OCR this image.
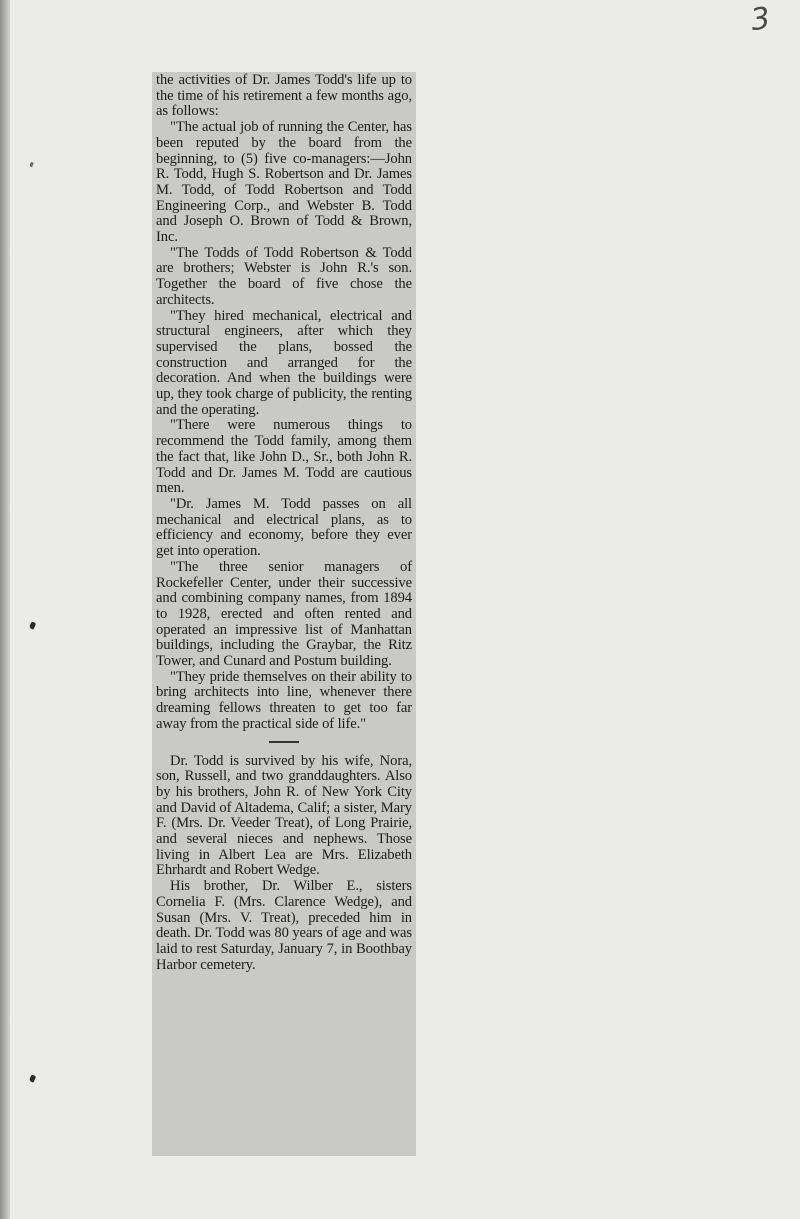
3

the activities of Dr. James Todd's life up to the time of his retirement a few months ago, as follows:

"The actual job of running the Center, has been reputed by the board from the beginning, to (5) five co-managers:—John R. Todd, Hugh S. Robertson and Dr. James M. Todd, of Todd Robertson and Todd Engineering Corp., and Webster B. Todd and Joseph O. Brown of Todd & Brown, Inc.

"The Todds of Todd Robertson & Todd are brothers; Webster is John R.'s son. Together the board of five chose the architects.

"They hired mechanical, electrical and structural engineers, after which they supervised the plans, bossed the construction and arranged for the decoration. And when the buildings were up, they took charge of publicity, the renting and the operating.

"There were numerous things to recommend the Todd family, among them the fact that, like John D., Sr., both John R. Todd and Dr. James M. Todd are cautious men.

"Dr. James M. Todd passes on all mechanical and electrical plans, as to efficiency and economy, before they ever get into operation.

"The three senior managers of Rockefeller Center, under their successive and combining company names, from 1894 to 1928, erected and often rented and operated an impressive list of Manhattan buildings, including the Graybar, the Ritz Tower, and Cunard and Postum building.

"They pride themselves on their ability to bring architects into line, whenever there dreaming fellows threaten to get too far away from the practical side of life."

Dr. Todd is survived by his wife, Nora, son, Russell, and two granddaughters. Also by his brothers, John R. of New York City and David of Altadema, Calif; a sister, Mary F. (Mrs. Dr. Veeder Treat), of Long Prairie, and several nieces and nephews. Those living in Albert Lea are Mrs. Elizabeth Ehrhardt and Robert Wedge.

His brother, Dr. Wilber E., sisters Cornelia F. (Mrs. Clarence Wedge), and Susan (Mrs. V. Treat), preceded him in death. Dr. Todd was 80 years of age and was laid to rest Saturday, January 7, in Boothbay Harbor cemetery.
